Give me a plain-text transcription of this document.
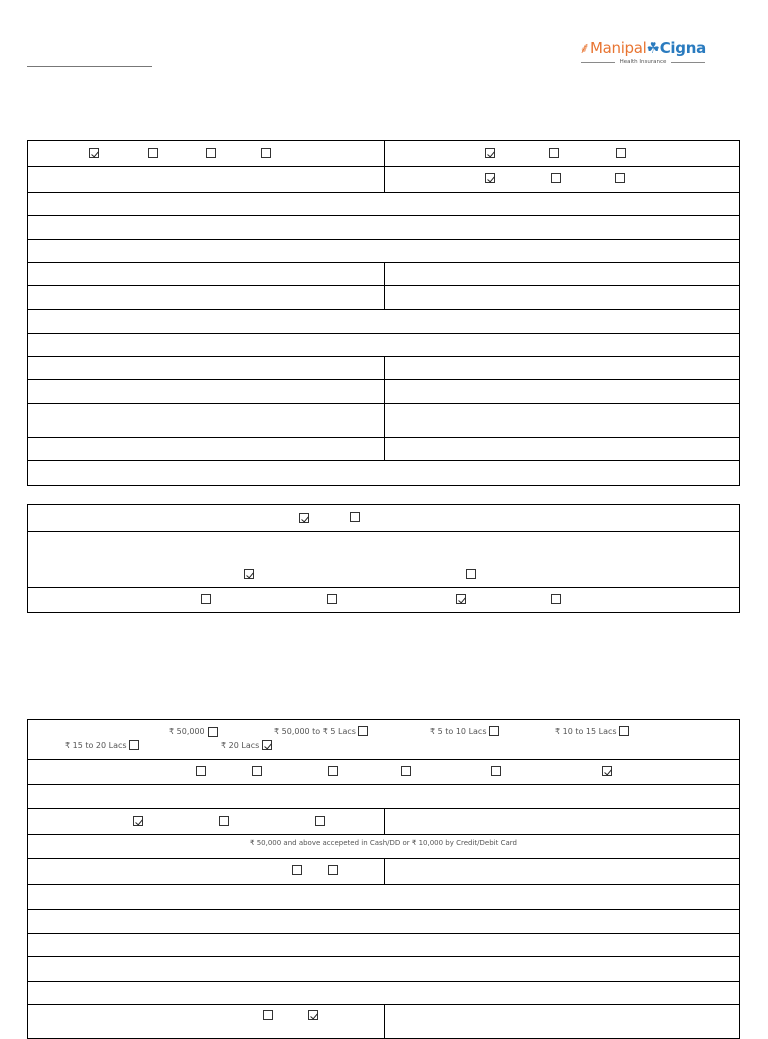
⸙Manipal☘Cigna
Health Insurance
₹ 50,000	₹ 50,000 to ₹ 5 Lacs	₹ 5 to 10 Lacs	₹ 10 to 15 Lacs
₹ 15 to 20 Lacs	₹ 20 Lacs
₹ 50,000 and above accepeted in Cash/DD or ₹ 10,000 by Credit/Debit Card
